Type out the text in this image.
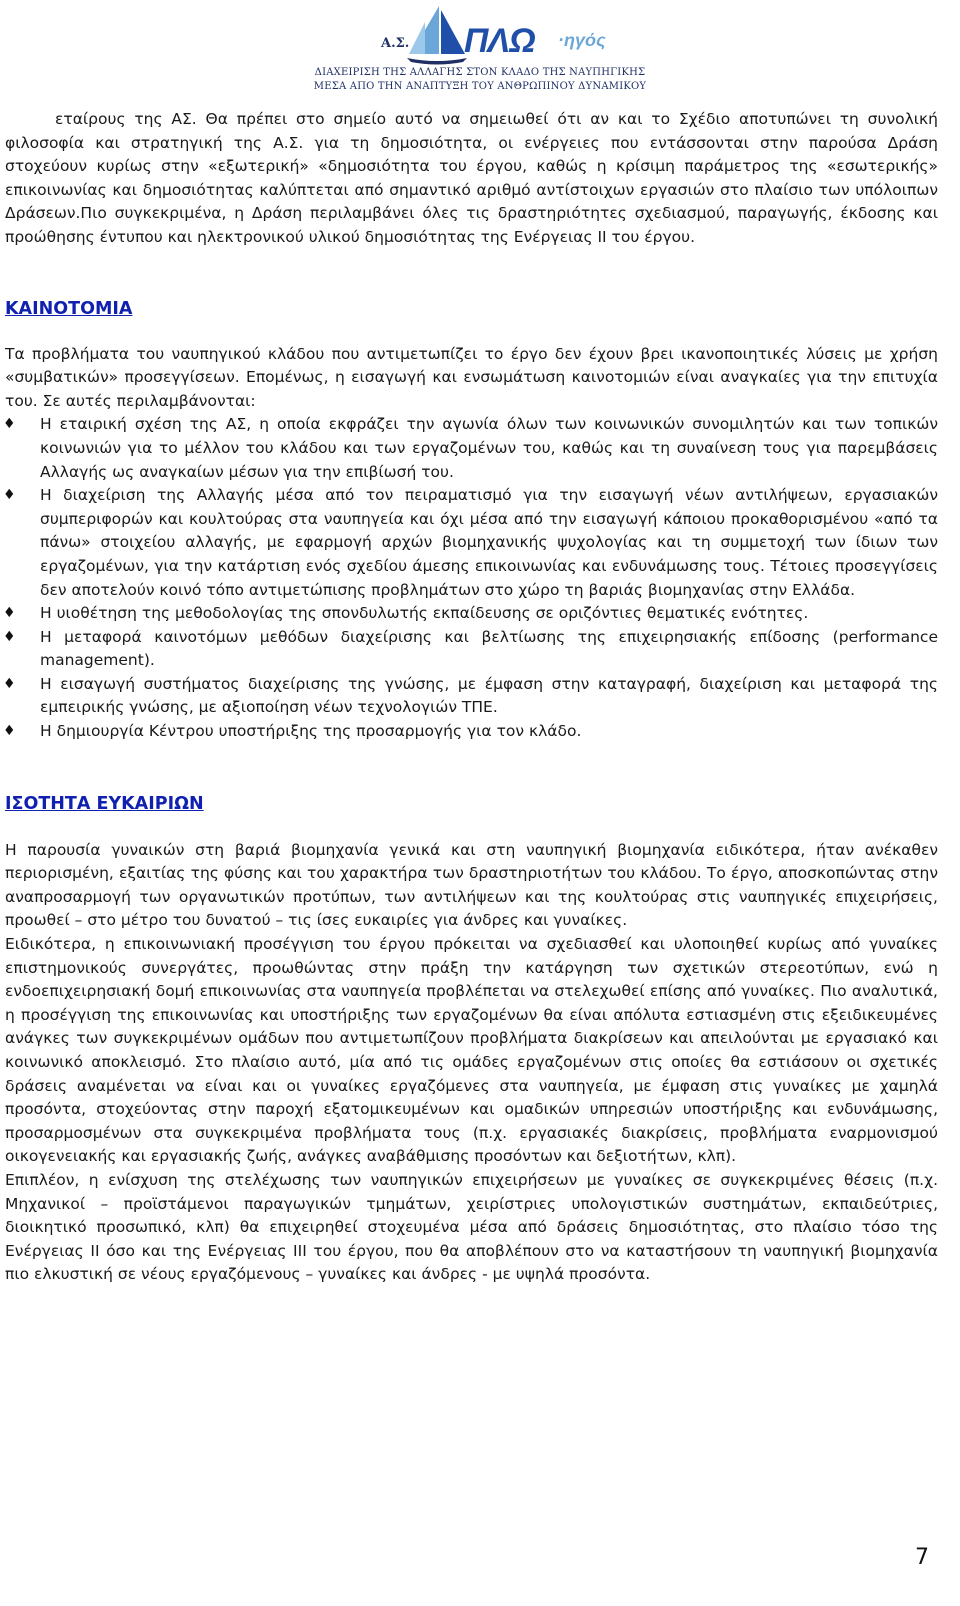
Α.Σ. ΠΛΩ ·ηγός
ΔΙΑΧΕΙΡΙΣΗ ΤΗΣ ΑΛΛΑΓΗΣ ΣΤΟΝ ΚΛΑΔΟ ΤΗΣ ΝΑΥΠΗΓΙΚΗΣ
ΜΕΣΑ ΑΠΟ ΤΗΝ ΑΝΑΠΤΥΞΗ ΤΟΥ ΑΝΘΡΩΠΙΝΟΥ ΔΥΝΑΜΙΚΟΥ

εταίρους της ΑΣ. Θα πρέπει στο σημείο αυτό να σημειωθεί ότι αν και το Σχέδιο αποτυπώνει τη συνολική φιλοσοφία και στρατηγική της Α.Σ. για τη δημοσιότητα, οι ενέργειες που εντάσσονται στην παρούσα Δράση στοχεύουν κυρίως στην «εξωτερική» «δημοσιότητα του έργου, καθώς η κρίσιμη παράμετρος της «εσωτερικής» επικοινωνίας και δημοσιότητας καλύπτεται από σημαντικό αριθμό αντίστοιχων εργασιών στο πλαίσιο των υπόλοιπων Δράσεων.Πιο συγκεκριμένα, η Δράση περιλαμβάνει όλες τις δραστηριότητες σχεδιασμού, παραγωγής, έκδοσης και προώθησης έντυπου και ηλεκτρονικού υλικού δημοσιότητας της Ενέργειας ΙΙ του έργου.

ΚΑΙΝΟΤΟΜΙΑ

Τα προβλήματα του ναυπηγικού κλάδου που αντιμετωπίζει το έργο δεν έχουν βρει ικανοποιητικές λύσεις με χρήση «συμβατικών» προσεγγίσεων. Επομένως, η εισαγωγή και ενσωμάτωση καινοτομιών είναι αναγκαίες για την επιτυχία του. Σε αυτές περιλαμβάνονται:

♦ Η εταιρική σχέση της ΑΣ, η οποία εκφράζει την αγωνία όλων των κοινωνικών συνομιλητών και των τοπικών κοινωνιών για το μέλλον του κλάδου και των εργαζομένων του, καθώς και τη συναίνεση τους για παρεμβάσεις Αλλαγής ως αναγκαίων μέσων για την επιβίωσή του.
♦ Η διαχείριση της Αλλαγής μέσα από τον πειραματισμό για την εισαγωγή νέων αντιλήψεων, εργασιακών συμπεριφορών και κουλτούρας στα ναυπηγεία και όχι μέσα από την εισαγωγή κάποιου προκαθορισμένου «από τα πάνω» στοιχείου αλλαγής, με εφαρμογή αρχών βιομηχανικής ψυχολογίας και τη συμμετοχή των ίδιων των εργαζομένων, για την κατάρτιση ενός σχεδίου άμεσης επικοινωνίας και ενδυνάμωσης τους. Τέτοιες προσεγγίσεις δεν αποτελούν κοινό τόπο αντιμετώπισης προβλημάτων στο χώρο τη βαριάς βιομηχανίας στην Ελλάδα.
♦ Η υιοθέτηση της μεθοδολογίας της σπονδυλωτής εκπαίδευσης σε οριζόντιες θεματικές ενότητες.
♦ Η μεταφορά καινοτόμων μεθόδων διαχείρισης και βελτίωσης της επιχειρησιακής επίδοσης (performance management).
♦ Η εισαγωγή συστήματος διαχείρισης της γνώσης, με έμφαση στην καταγραφή, διαχείριση και μεταφορά της εμπειρικής γνώσης, με αξιοποίηση νέων τεχνολογιών ΤΠΕ.
♦ Η δημιουργία Κέντρου υποστήριξης της προσαρμογής για τον κλάδο.
ΙΣΟΤΗΤΑ ΕΥΚΑΙΡΙΩΝ

Η παρουσία γυναικών στη βαριά βιομηχανία γενικά και στη ναυπηγική βιομηχανία ειδικότερα, ήταν ανέκαθεν περιορισμένη, εξαιτίας της φύσης και του χαρακτήρα των δραστηριοτήτων του κλάδου. Το έργο, αποσκοπώντας στην αναπροσαρμογή των οργανωτικών προτύπων, των αντιλήψεων και της κουλτούρας στις ναυπηγικές επιχειρήσεις, προωθεί – στο μέτρο του δυνατού – τις ίσες ευκαιρίες για άνδρες και γυναίκες.

Ειδικότερα, η επικοινωνιακή προσέγγιση του έργου πρόκειται να σχεδιασθεί και υλοποιηθεί κυρίως από γυναίκες επιστημονικούς συνεργάτες, προωθώντας στην πράξη την κατάργηση των σχετικών στερεοτύπων, ενώ η ενδοεπιχειρησιακή δομή επικοινωνίας στα ναυπηγεία προβλέπεται να στελεχωθεί επίσης από γυναίκες. Πιο αναλυτικά, η προσέγγιση της επικοινωνίας και υποστήριξης των εργαζομένων θα είναι απόλυτα εστιασμένη στις εξειδικευμένες ανάγκες των συγκεκριμένων ομάδων που αντιμετωπίζουν προβλήματα διακρίσεων και απειλούνται με εργασιακό και κοινωνικό αποκλεισμό. Στο πλαίσιο αυτό, μία από τις ομάδες εργαζομένων στις οποίες θα εστιάσουν οι σχετικές δράσεις αναμένεται να είναι και οι γυναίκες εργαζόμενες στα ναυπηγεία, με έμφαση στις γυναίκες με χαμηλά προσόντα, στοχεύοντας στην παροχή εξατομικευμένων και ομαδικών υπηρεσιών υποστήριξης και ενδυνάμωσης, προσαρμοσμένων στα συγκεκριμένα προβλήματα τους (π.χ. εργασιακές διακρίσεις, προβλήματα εναρμονισμού οικογενειακής και εργασιακής ζωής, ανάγκες αναβάθμισης προσόντων και δεξιοτήτων, κλπ).

Επιπλέον, η ενίσχυση της στελέχωσης των ναυπηγικών επιχειρήσεων με γυναίκες σε συγκεκριμένες θέσεις (π.χ. Μηχανικοί – προϊστάμενοι παραγωγικών τμημάτων, χειρίστριες υπολογιστικών συστημάτων, εκπαιδεύτριες, διοικητικό προσωπικό, κλπ) θα επιχειρηθεί στοχευμένα μέσα από δράσεις δημοσιότητας, στο πλαίσιο τόσο της Ενέργειας ΙΙ όσο και της Ενέργειας ΙΙΙ του έργου, που θα αποβλέπουν στο να καταστήσουν τη ναυπηγική βιομηχανία πιο ελκυστική σε νέους εργαζόμενους – γυναίκες και άνδρες - με υψηλά προσόντα.

7
